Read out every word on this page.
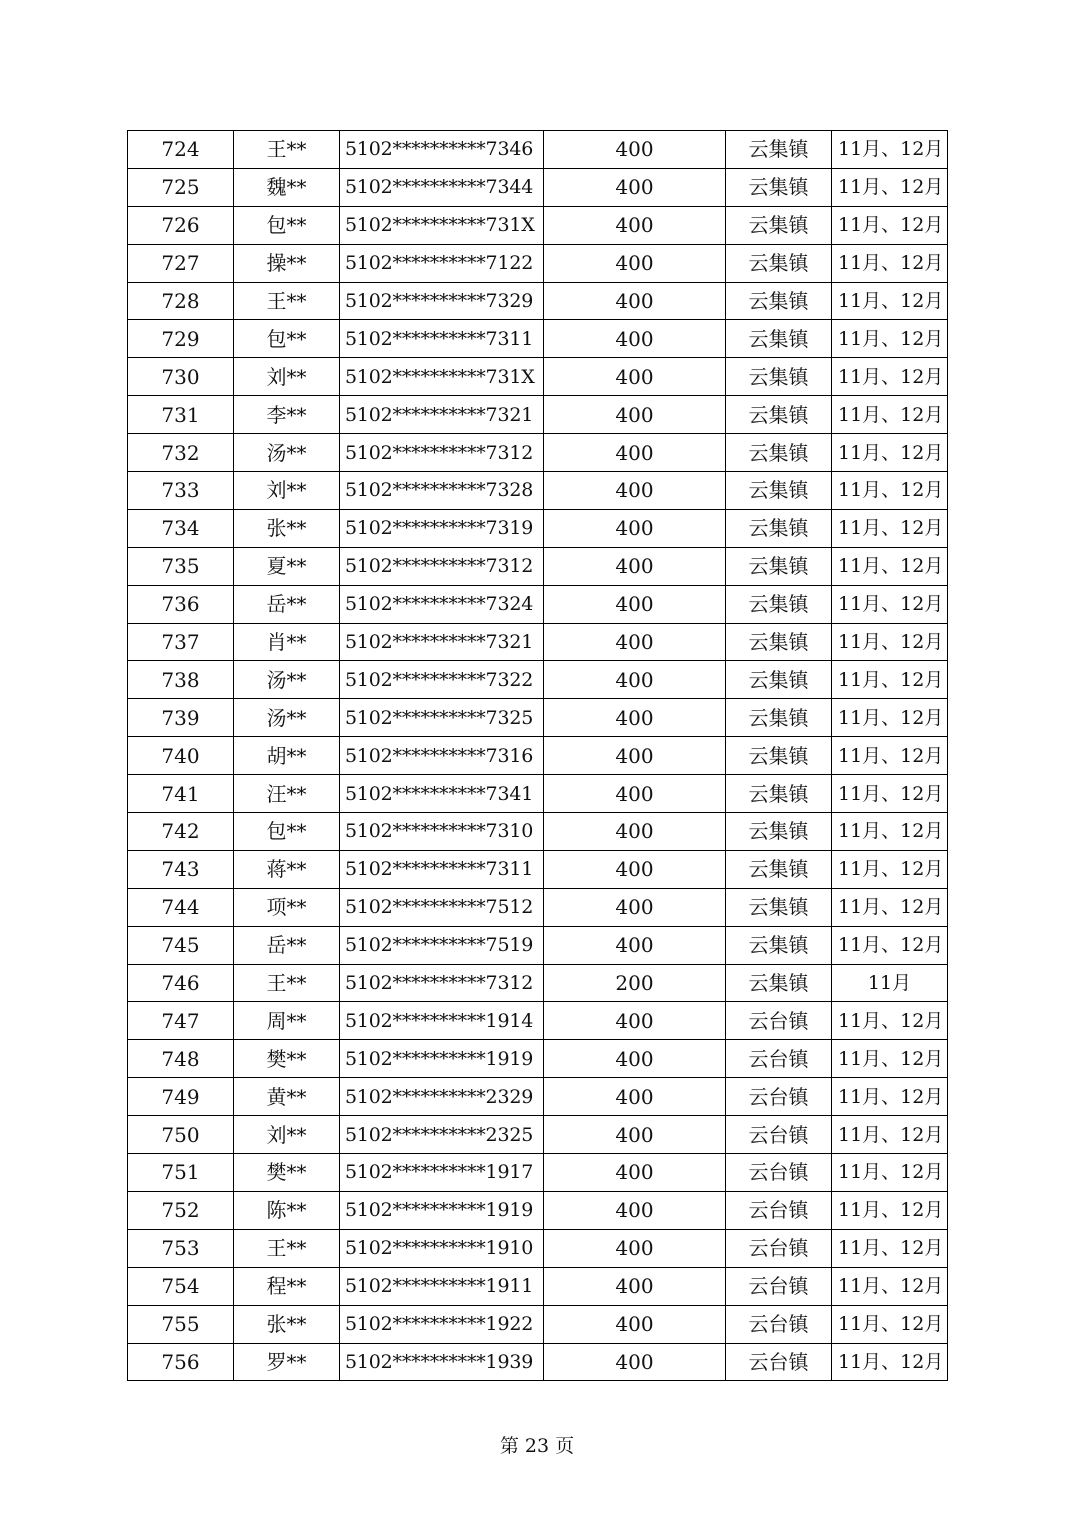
724	王**	5102**********7346	400	云集镇	11月、12月
725	魏**	5102**********7344	400	云集镇	11月、12月
726	包**	5102**********731X	400	云集镇	11月、12月
727	操**	5102**********7122	400	云集镇	11月、12月
728	王**	5102**********7329	400	云集镇	11月、12月
729	包**	5102**********7311	400	云集镇	11月、12月
730	刘**	5102**********731X	400	云集镇	11月、12月
731	李**	5102**********7321	400	云集镇	11月、12月
732	汤**	5102**********7312	400	云集镇	11月、12月
733	刘**	5102**********7328	400	云集镇	11月、12月
734	张**	5102**********7319	400	云集镇	11月、12月
735	夏**	5102**********7312	400	云集镇	11月、12月
736	岳**	5102**********7324	400	云集镇	11月、12月
737	肖**	5102**********7321	400	云集镇	11月、12月
738	汤**	5102**********7322	400	云集镇	11月、12月
739	汤**	5102**********7325	400	云集镇	11月、12月
740	胡**	5102**********7316	400	云集镇	11月、12月
741	汪**	5102**********7341	400	云集镇	11月、12月
742	包**	5102**********7310	400	云集镇	11月、12月
743	蒋**	5102**********7311	400	云集镇	11月、12月
744	项**	5102**********7512	400	云集镇	11月、12月
745	岳**	5102**********7519	400	云集镇	11月、12月
746	王**	5102**********7312	200	云集镇	11月
747	周**	5102**********1914	400	云台镇	11月、12月
748	樊**	5102**********1919	400	云台镇	11月、12月
749	黄**	5102**********2329	400	云台镇	11月、12月
750	刘**	5102**********2325	400	云台镇	11月、12月
751	樊**	5102**********1917	400	云台镇	11月、12月
752	陈**	5102**********1919	400	云台镇	11月、12月
753	王**	5102**********1910	400	云台镇	11月、12月
754	程**	5102**********1911	400	云台镇	11月、12月
755	张**	5102**********1922	400	云台镇	11月、12月
756	罗**	5102**********1939	400	云台镇	11月、12月
第 23 页
